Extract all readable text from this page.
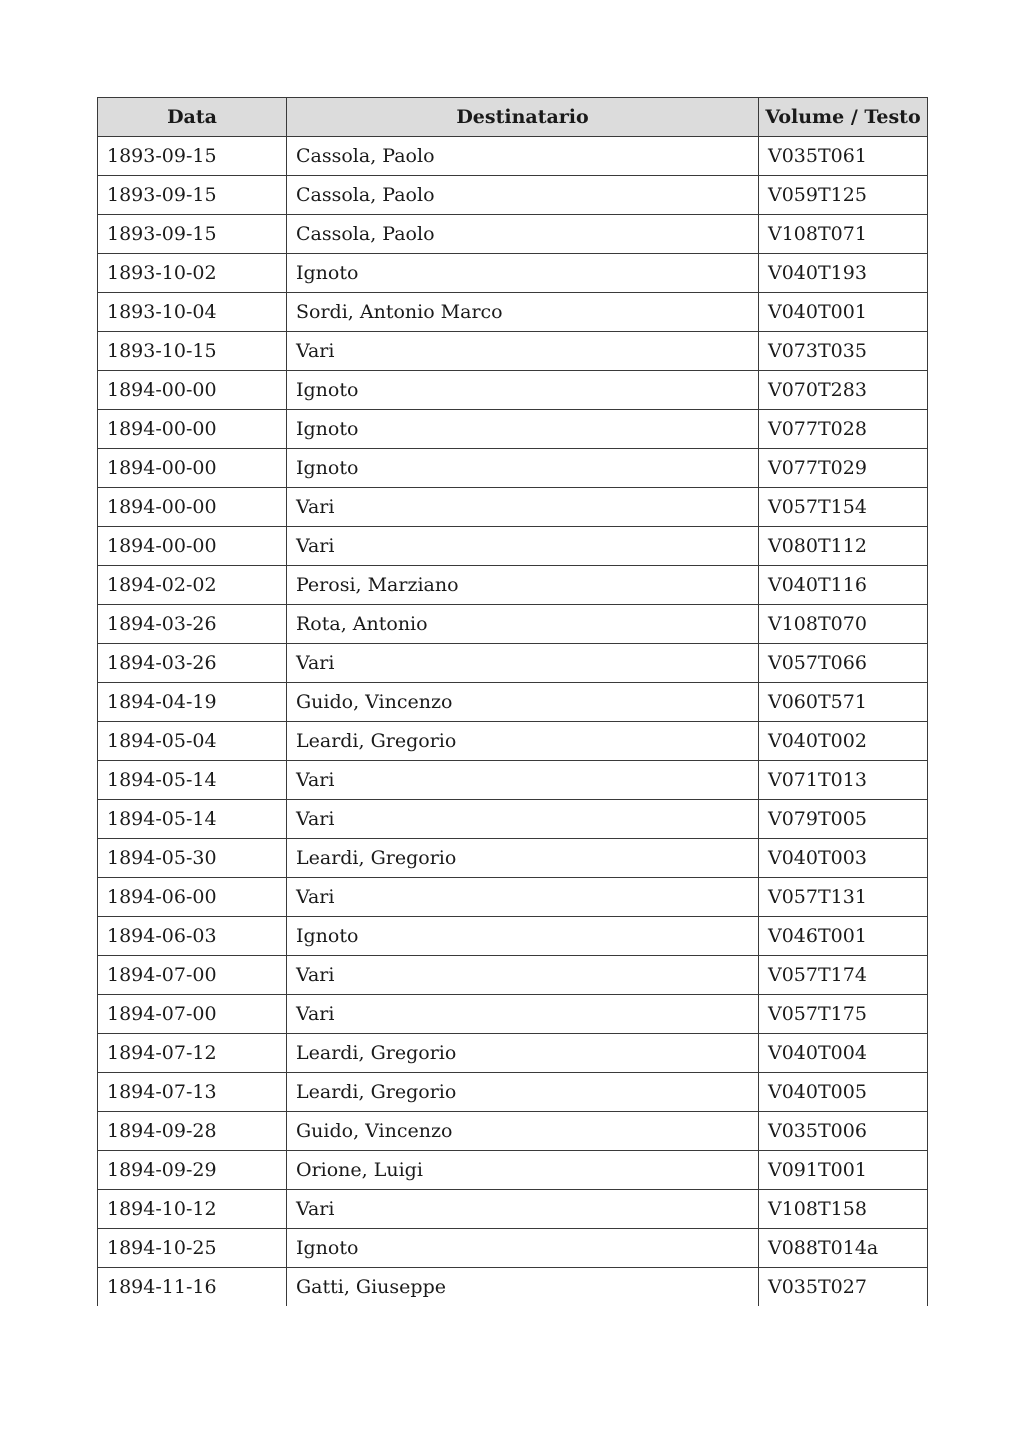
Data	Destinatario	Volume / Testo
1893-09-15	Cassola, Paolo	V035T061
1893-09-15	Cassola, Paolo	V059T125
1893-09-15	Cassola, Paolo	V108T071
1893-10-02	Ignoto	V040T193
1893-10-04	Sordi, Antonio Marco	V040T001
1893-10-15	Vari	V073T035
1894-00-00	Ignoto	V070T283
1894-00-00	Ignoto	V077T028
1894-00-00	Ignoto	V077T029
1894-00-00	Vari	V057T154
1894-00-00	Vari	V080T112
1894-02-02	Perosi, Marziano	V040T116
1894-03-26	Rota, Antonio	V108T070
1894-03-26	Vari	V057T066
1894-04-19	Guido, Vincenzo	V060T571
1894-05-04	Leardi, Gregorio	V040T002
1894-05-14	Vari	V071T013
1894-05-14	Vari	V079T005
1894-05-30	Leardi, Gregorio	V040T003
1894-06-00	Vari	V057T131
1894-06-03	Ignoto	V046T001
1894-07-00	Vari	V057T174
1894-07-00	Vari	V057T175
1894-07-12	Leardi, Gregorio	V040T004
1894-07-13	Leardi, Gregorio	V040T005
1894-09-28	Guido, Vincenzo	V035T006
1894-09-29	Orione, Luigi	V091T001
1894-10-12	Vari	V108T158
1894-10-25	Ignoto	V088T014a
1894-11-16	Gatti, Giuseppe	V035T027
